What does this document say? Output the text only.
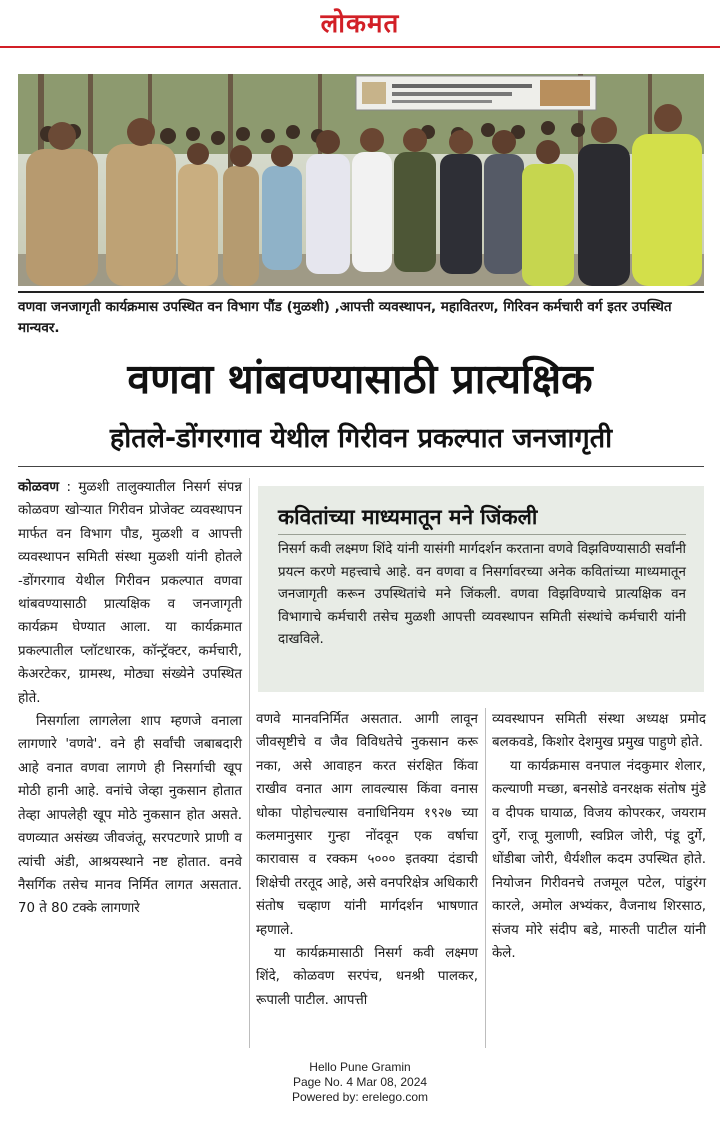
लोकमत
वणवा जनजागृती कार्यक्रमास उपस्थित वन विभाग पौंड (मुळशी) ,आपत्ती व्यवस्थापन, महावितरण, गिरिवन कर्मचारी वर्ग इतर उपस्थित मान्यवर.
वणवा थांबवण्यासाठी प्रात्यक्षिक
होतले-डोंगरगाव येथील गिरीवन प्रकल्पात जनजागृती

कोळवण : मुळशी तालुक्यातील निसर्ग संपन्न कोळवण खोऱ्यात गिरीवन प्रोजेक्ट व्यवस्थापन मार्फत वन विभाग पौड, मुळशी व आपत्ती व्यवस्थापन समिती संस्था मुळशी यांनी होतले -डोंगरगाव येथील गिरीवन प्रकल्पात वणवा थांबवण्यासाठी प्रात्यक्षिक व जनजागृती कार्यक्रम घेण्यात आला. या कार्यक्रमात प्रकल्पातील प्लॉटधारक, कॉन्ट्रॅक्टर, कर्मचारी, केअरटेकर, ग्रामस्थ, मोठ्या संख्येने उपस्थित होते.

निसर्गाला लागलेला शाप म्हणजे वनाला लागणारे 'वणवे'. वने ही सर्वांची जबाबदारी आहे वनात वणवा लागणे ही निसर्गाची खूप मोठी हानी आहे. वनांचे जेव्हा नुकसान होतात तेव्हा आपलेही खूप मोठे नुकसान होत असते. वणव्यात असंख्य जीवजंतू, सरपटणारे प्राणी व त्यांची अंडी, आश्रयस्थाने नष्ट होतात. वनवे नैसर्गिक तसेच मानव निर्मित लागत असतात. 70 ते 80 टक्के लागणारे

कवितांच्या माध्यमातून मने जिंकली

निसर्ग कवी लक्ष्मण शिंदे यांनी यासंगी मार्गदर्शन करताना वणवे विझविण्यासाठी सर्वांनी प्रयत्न करणे महत्त्वाचे आहे. वन वणवा व निसर्गावरच्या अनेक कवितांच्या माध्यमातून जनजागृती करून उपस्थितांचे मने जिंकली. वणवा विझविण्याचे प्रात्यक्षिक वन विभागाचे कर्मचारी तसेच मुळशी आपत्ती व्यवस्थापन समिती संस्थांचे कर्मचारी यांनी दाखविले.

वणवे मानवनिर्मित असतात. आगी लावून जीवसृष्टीचे व जैव विविधतेचे नुकसान करू नका, असे आवाहन करत संरक्षित किंवा राखीव वनात आग लावल्यास किंवा वनास धोका पोहोचल्यास वनाधिनियम १९२७ च्या कलमानुसार गुन्हा नोंदवून एक वर्षाचा कारावास व रक्कम ५००० इतक्या दंडाची शिक्षेची तरतूद आहे, असे वनपरिक्षेत्र अधिकारी संतोष चव्हाण यांनी मार्गदर्शन भाषणात म्हणाले.

या कार्यक्रमासाठी निसर्ग कवी लक्ष्मण शिंदे, कोळवण सरपंच, धनश्री पालकर, रूपाली पाटील. आपत्ती

व्यवस्थापन समिती संस्था अध्यक्ष प्रमोद बलकवडे, किशोर देशमुख प्रमुख पाहुणे होते.

या कार्यक्रमास वनपाल नंदकुमार शेलार, कल्याणी मच्छा, बनसोडे वनरक्षक संतोष मुंडे व दीपक घायाळ, विजय कोपरकर, जयराम दुर्गे, राजू मुलाणी, स्वप्निल जोरी, पंडू दुर्गे, धोंडीबा जोरी, धैर्यशील कदम उपस्थित होते. नियोजन गिरीवनचे तजमूल पटेल, पांडुरंग कारले, अमोल अभ्यंकर, वैजनाथ शिरसाठ, संजय मोरे संदीप बडे, मारुती पाटील यांनी केले.

Hello Pune Gramin
Page No. 4 Mar 08, 2024
Powered by: erelego.com
